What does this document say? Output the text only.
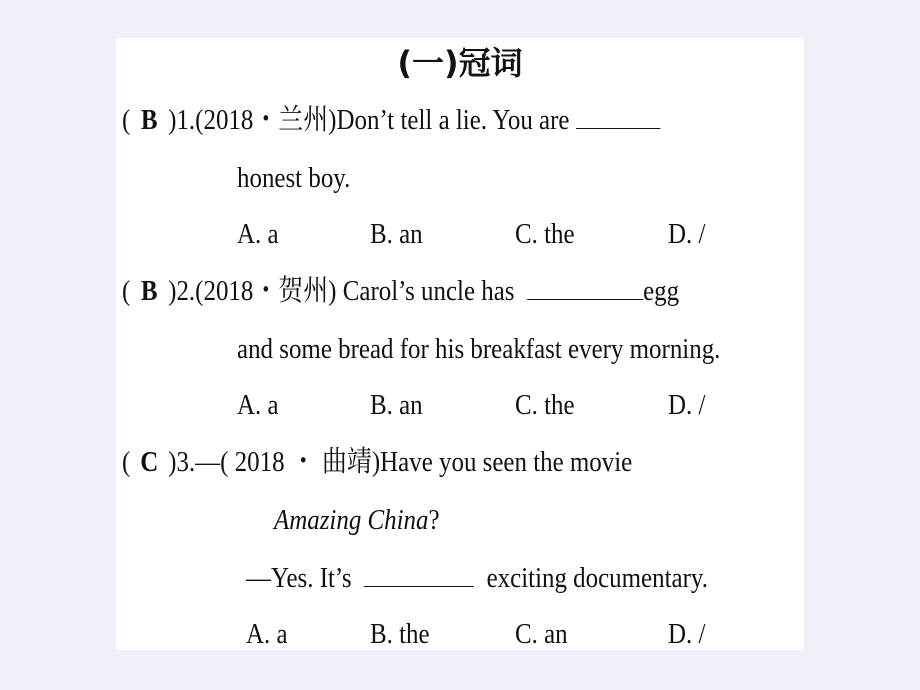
(一)冠词
( B )1.(2018・兰州)Don’t tell a lie. You are
honest boy.
A. a	B. an	C. the	D. /
( B )2.(2018・贺州) Carol’s uncle has	egg
and some bread for his breakfast every morning.
A. a	B. an	C. the	D. /
( C )3.—( 2018 ・ 曲靖)Have you seen the movie
Amazing China?
—Yes. It’s	exciting documentary.
A. a	B. the	C. an	D. /
